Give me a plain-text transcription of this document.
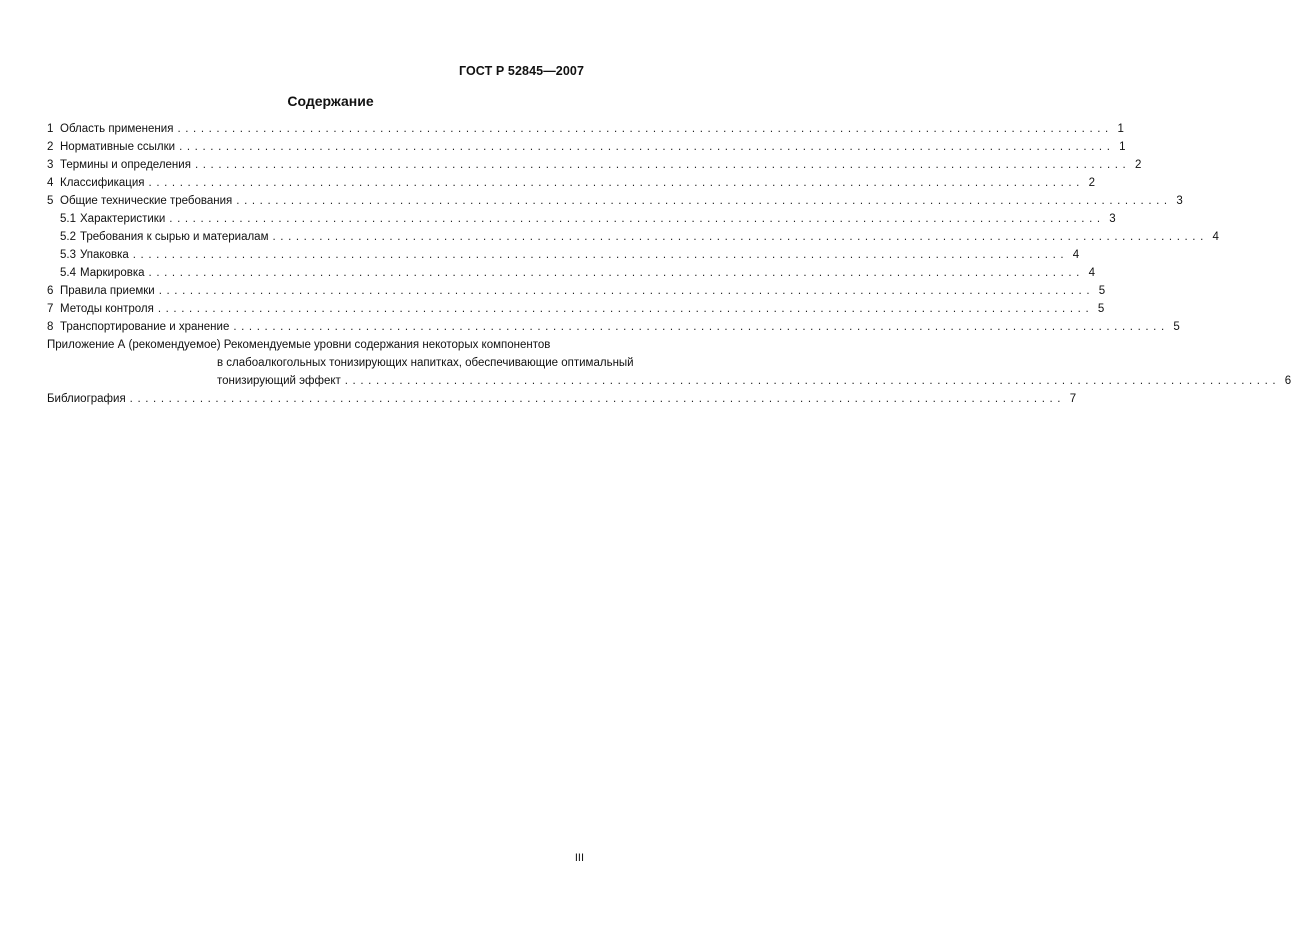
ГОСТ Р 52845—2007
Содержание
1 Область применения ........................................................................................................................ 1
2 Нормативные ссылки ........................................................................................................................ 1
3 Термины и определения ........................................................................................................................ 2
4 Классификация ........................................................................................................................ 2
5 Общие технические требования ........................................................................................................................ 3
5.1 Характеристики ........................................................................................................................ 3
5.2 Требования к сырью и материалам ........................................................................................................................ 4
5.3 Упаковка ........................................................................................................................ 4
5.4 Маркировка ........................................................................................................................ 4
6 Правила приемки ........................................................................................................................ 5
7 Методы контроля ........................................................................................................................ 5
8 Транспортирование и хранение ........................................................................................................................ 5
Приложение А (рекомендуемое) Рекомендуемые уровни содержания некоторых компонентов
в слабоалкогольных тонизирующих напитках, обеспечивающие оптимальный
тонизирующий эффект ........................................................................................................................ 6
Библиография ........................................................................................................................ 7
III
